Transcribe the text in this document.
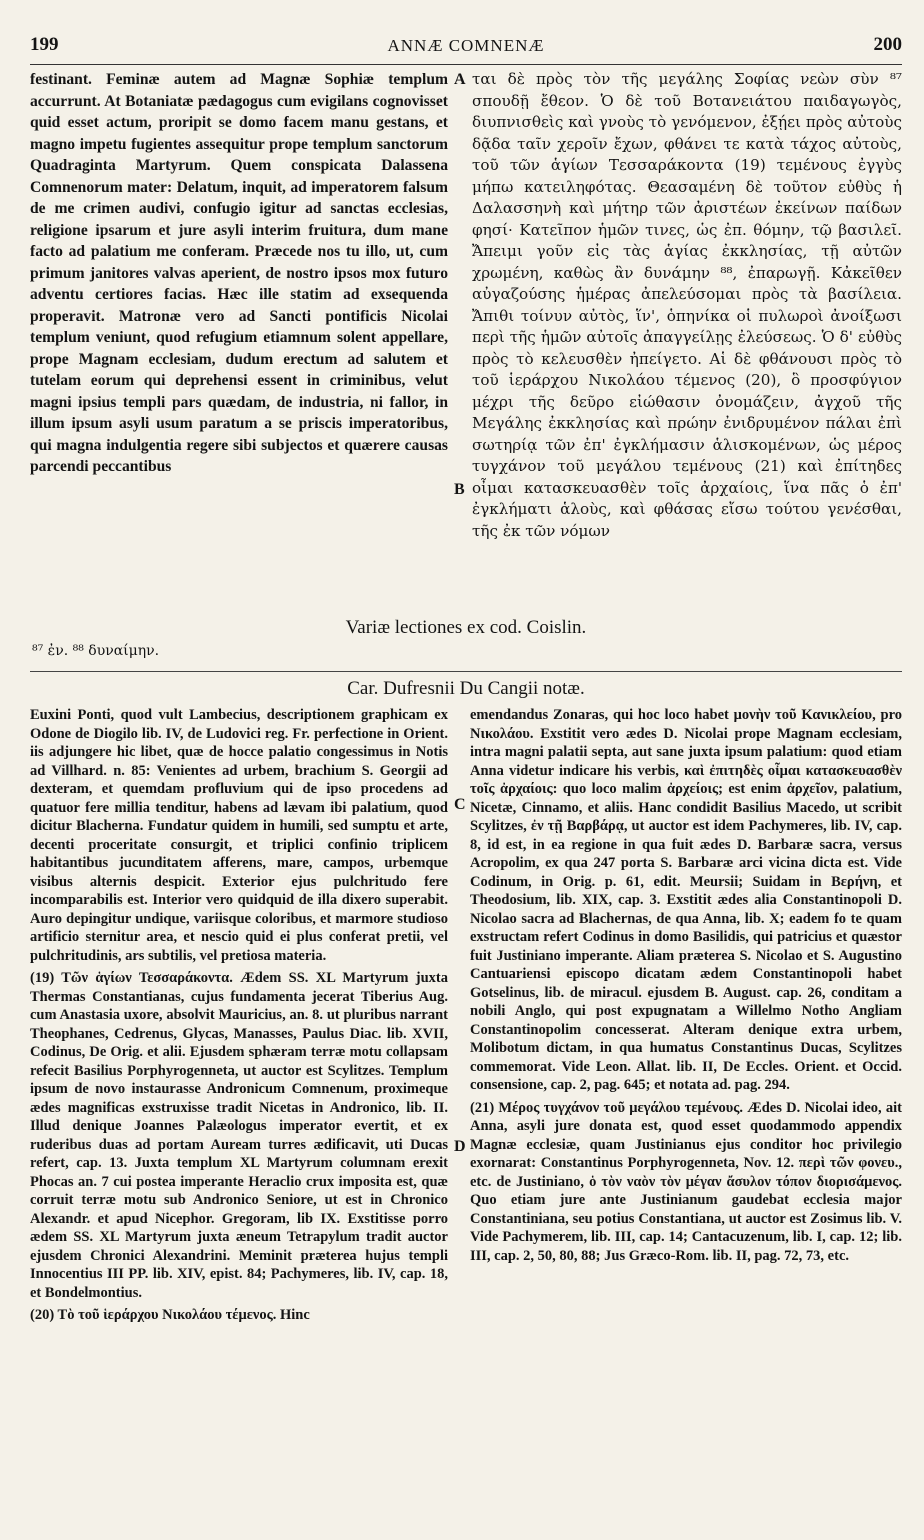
199	ANNÆ COMNENÆ	200

festinant. Feminæ autem ad Magnæ Sophiæ templum accurrunt. At Botaniatæ pædagogus cum evigilans cognovisset quid esset actum, proripit se domo facem manu gestans, et magno impetu fugientes assequitur prope templum sanctorum Quadraginta Martyrum. Quem conspicata Dalassena Comnenorum mater: Delatum, inquit, ad imperatorem falsum de me crimen audivi, confugio igitur ad sanctas ecclesias, religione ipsarum et jure asyli interim fruitura, dum mane facto ad palatium me conferam. Præcede nos tu illo, ut, cum primum janitores valvas aperient, de nostro ipsos mox futuro adventu certiores facias. Hæc ille statim ad exsequenda properavit. Matronæ vero ad Sancti pontificis Nicolai templum veniunt, quod refugium etiamnum solent appellare, prope Magnam ecclesiam, dudum erectum ad salutem et tutelam eorum qui deprehensi essent in criminibus, velut magni ipsius templi pars quædam, de industria, ni fallor, in illum ipsum asyli usum paratum a se priscis imperatoribus, qui magna indulgentia regere sibi subjectos et quærere causas parcendi peccantibus

A
B

ται δὲ πρὸς τὸν τῆς μεγάλης Σοφίας νεὼν σὺν ⁸⁷ σπουδῇ ἔθεον. Ὁ δὲ τοῦ Βοτανειάτου παιδαγωγὸς, διυπνισθεὶς καὶ γνοὺς τὸ γενόμενον, ἐξῄει πρὸς αὐτοὺς δᾷδα ταῖν χεροῖν ἔχων, φθάνει τε κατὰ τάχος αὐτοὺς, τοῦ τῶν ἁγίων Τεσσαράκοντα (19) τεμένους ἐγγὺς μήπω κατειληφότας. Θεασαμένη δὲ τοῦτον εὐθὺς ἡ Δαλασσηνὴ καὶ μήτηρ τῶν ἀριστέων ἐκείνων παίδων φησί· Κατεῖπον ἡμῶν τινες, ὡς ἐπ. θόμην, τῷ βασιλεῖ. Ἄπειμι γοῦν εἰς τὰς ἁγίας ἐκκλησίας, τῇ αὐτῶν χρωμένη, καθὼς ἂν δυνάμην ⁸⁸, ἐπαρωγῇ. Κἀκεῖθεν αὐγαζούσης ἡμέρας ἀπελεύσομαι πρὸς τὰ βασίλεια. Ἄπιθι τοίνυν αὐτὸς, ἵν', ὁπηνίκα οἱ πυλωροὶ ἀνοίξωσι περὶ τῆς ἡμῶν αὐτοῖς ἀπαγγείλῃς ἐλεύσεως. Ὁ δ' εὐθὺς πρὸς τὸ κελευσθὲν ἠπείγετο. Αἱ δὲ φθάνουσι πρὸς τὸ τοῦ ἱεράρχου Νικολάου τέμενος (20), ὃ προσφύγιον μέχρι τῆς δεῦρο εἰώθασιν ὀνομάζειν, ἀγχοῦ τῆς Μεγάλης ἐκκλησίας καὶ πρώην ἐνιδρυμένον πάλαι ἐπὶ σωτηρίᾳ τῶν ἐπ' ἐγκλήμασιν ἁλισκομένων, ὡς μέρος τυγχάνον τοῦ μεγάλου τεμένους (21) καὶ ἐπίτηδες οἶμαι κατασκευασθὲν τοῖς ἀρχαίοις, ἵνα πᾶς ὁ ἐπ' ἐγκλήματι ἁλοὺς, καὶ φθάσας εἴσω τούτου γενέσθαι, τῆς ἐκ τῶν νόμων

Variæ lectiones ex cod. Coislin.
⁸⁷ ἐν. ⁸⁸ δυναίμην.
Car. Dufresnii Du Cangii notæ.

Euxini Ponti, quod vult Lambecius, descriptionem graphicam ex Odone de Diogilo lib. IV, de Ludovici reg. Fr. perfectione in Orient. iis adjungere hic libet, quæ de hocce palatio congessimus in Notis ad Villhard. n. 85: Venientes ad urbem, brachium S. Georgii ad dexteram, et quemdam profluvium qui de ipso procedens ad quatuor fere millia tenditur, habens ad lævam ibi palatium, quod dicitur Blacherna. Fundatur quidem in humili, sed sumptu et arte, decenti proceritate consurgit, et triplici confinio triplicem habitantibus jucunditatem afferens, mare, campos, urbemque visibus alternis despicit. Exterior ejus pulchritudo fere incomparabilis est. Interior vero quidquid de illa dixero superabit. Auro depingitur undique, variisque coloribus, et marmore studioso artificio sternitur area, et nescio quid ei plus conferat pretii, vel pulchritudinis, ars subtilis, vel pretiosa materia.

(19) Τῶν ἁγίων Τεσσαράκοντα. Ædem SS. XL Martyrum juxta Thermas Constantianas, cujus fundamenta jecerat Tiberius Aug. cum Anastasia uxore, absolvit Mauricius, an. 8. ut pluribus narrant Theophanes, Cedrenus, Glycas, Manasses, Paulus Diac. lib. XVII, Codinus, De Orig. et alii. Ejusdem sphæram terræ motu collapsam refecit Basilius Porphyrogenneta, ut auctor est Scylitzes. Templum ipsum de novo instaurasse Andronicum Comnenum, proximeque ædes magnificas exstruxisse tradit Nicetas in Andronico, lib. II. Illud denique Joannes Palæologus imperator evertit, et ex ruderibus duas ad portam Auream turres ædificavit, uti Ducas refert, cap. 13. Juxta templum XL Martyrum columnam erexit Phocas an. 7 cui postea imperante Heraclio crux imposita est, quæ corruit terræ motu sub Andronico Seniore, ut est in Chronico Alexandr. et apud Nicephor. Gregoram, lib IX. Exstitisse porro ædem SS. XL Martyrum juxta æneum Tetrapylum tradit auctor ejusdem Chronici Alexandrini. Meminit præterea hujus templi Innocentius III PP. lib. XIV, epist. 84; Pachymeres, lib. IV, cap. 18, et Bondelmontius.

(20) Τὸ τοῦ ἱεράρχου Νικολάου τέμενος. Hinc

C
D

emendandus Zonaras, qui hoc loco habet μονὴν τοῦ Κανικλείου, pro Νικολάου. Exstitit vero ædes D. Nicolai prope Magnam ecclesiam, intra magni palatii septa, aut sane juxta ipsum palatium: quod etiam Anna videtur indicare his verbis, καὶ ἐπιτηδὲς οἶμαι κατασκευασθὲν τοῖς ἀρχαίοις: quo loco malim ἀρχείοις; est enim ἀρχεῖον, palatium, Nicetæ, Cinnamo, et aliis. Hanc condidit Basilius Macedo, ut scribit Scylitzes, ἐν τῇ Βαρβάρᾳ, ut auctor est idem Pachymeres, lib. IV, cap. 8, id est, in ea regione in qua fuit ædes D. Barbaræ sacra, versus Acropolim, ex qua 247 porta S. Barbaræ arci vicina dicta est. Vide Codinum, in Orig. p. 61, edit. Meursii; Suidam in Βερήνη, et Theodosium, lib. XIX, cap. 3. Exstitit ædes alia Constantinopoli D. Nicolao sacra ad Blachernas, de qua Anna, lib. X; eadem fo te quam exstructam refert Codinus in domo Basilidis, qui patricius et quæstor fuit Justiniano imperante. Aliam præterea S. Nicolao et S. Augustino Cantuariensi episcopo dicatam ædem Constantinopoli habet Gotselinus, lib. de miracul. ejusdem B. August. cap. 26, conditam a nobili Anglo, qui post expugnatam a Willelmo Notho Angliam Constantinopolim concesserat. Alteram denique extra urbem, Molibotum dictam, in qua humatus Constantinus Ducas, Scylitzes commemorat. Vide Leon. Allat. lib. II, De Eccles. Orient. et Occid. consensione, cap. 2, pag. 645; et notata ad. pag. 294.

(21) Μέρος τυγχάνον τοῦ μεγάλου τεμένους. Ædes D. Nicolai ideo, ait Anna, asyli jure donata est, quod esset quodammodo appendix Magnæ ecclesiæ, quam Justinianus ejus conditor hoc privilegio exornarat: Constantinus Porphyrogenneta, Nov. 12. περὶ τῶν φονευ., etc. de Justiniano, ὁ τὸν ναὸν τὸν μέγαν ἄσυλον τόπον διορισάμενος. Quo etiam jure ante Justinianum gaudebat ecclesia major Constantiniana, seu potius Constantiana, ut auctor est Zosimus lib. V. Vide Pachymerem, lib. III, cap. 14; Cantacuzenum, lib. I, cap. 12; lib. III, cap. 2, 50, 80, 88; Jus Græco-Rom. lib. II, pag. 72, 73, etc.
